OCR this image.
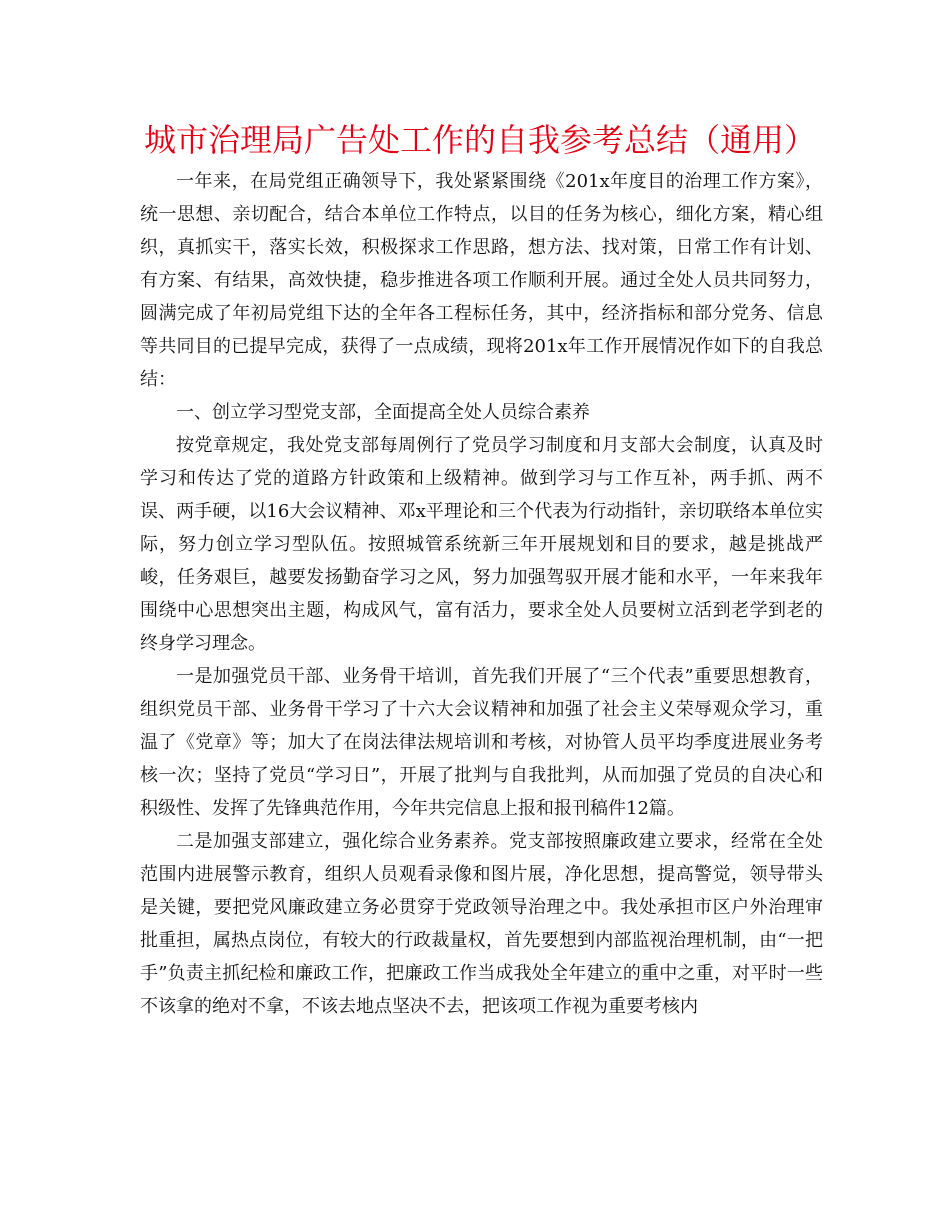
城市治理局广告处工作的自我参考总结（通用）

一年来，在局党组正确领导下，我处紧紧围绕《201x年度目的治理工作方案》，统一思想、亲切配合，结合本单位工作特点，以目的任务为核心，细化方案，精心组织，真抓实干，落实长效，积极探求工作思路，想方法、找对策，日常工作有计划、有方案、有结果，高效快捷，稳步推进各项工作顺利开展。通过全处人员共同努力，圆满完成了年初局党组下达的全年各工程标任务，其中，经济指标和部分党务、信息等共同目的已提早完成，获得了一点成绩，现将201x年工作开展情况作如下的自我总结：

一、创立学习型党支部，全面提高全处人员综合素养

按党章规定，我处党支部每周例行了党员学习制度和月支部大会制度，认真及时学习和传达了党的道路方针政策和上级精神。做到学习与工作互补，两手抓、两不误、两手硬，以16大会议精神、邓x平理论和三个代表为行动指针，亲切联络本单位实际，努力创立学习型队伍。按照城管系统新三年开展规划和目的要求，越是挑战严峻，任务艰巨，越要发扬勤奋学习之风，努力加强驾驭开展才能和水平，一年来我年围绕中心思想突出主题，构成风气，富有活力，要求全处人员要树立活到老学到老的终身学习理念。

一是加强党员干部、业务骨干培训，首先我们开展了“三个代表”重要思想教育，组织党员干部、业务骨干学习了十六大会议精神和加强了社会主义荣辱观众学习，重温了《党章》等；加大了在岗法律法规培训和考核，对协管人员平均季度进展业务考核一次；坚持了党员“学习日”，开展了批判与自我批判，从而加强了党员的自决心和积级性、发挥了先锋典范作用，今年共完信息上报和报刊稿件12篇。

二是加强支部建立，强化综合业务素养。党支部按照廉政建立要求，经常在全处范围内进展警示教育，组织人员观看录像和图片展，净化思想，提高警觉，领导带头是关键，要把党风廉政建立务必贯穿于党政领导治理之中。我处承担市区户外治理审批重担，属热点岗位，有较大的行政裁量权，首先要想到内部监视治理机制，由“一把手”负责主抓纪检和廉政工作，把廉政工作当成我处全年建立的重中之重，对平时一些不该拿的绝对不拿，不该去地点坚决不去，把该项工作视为重要考核内
